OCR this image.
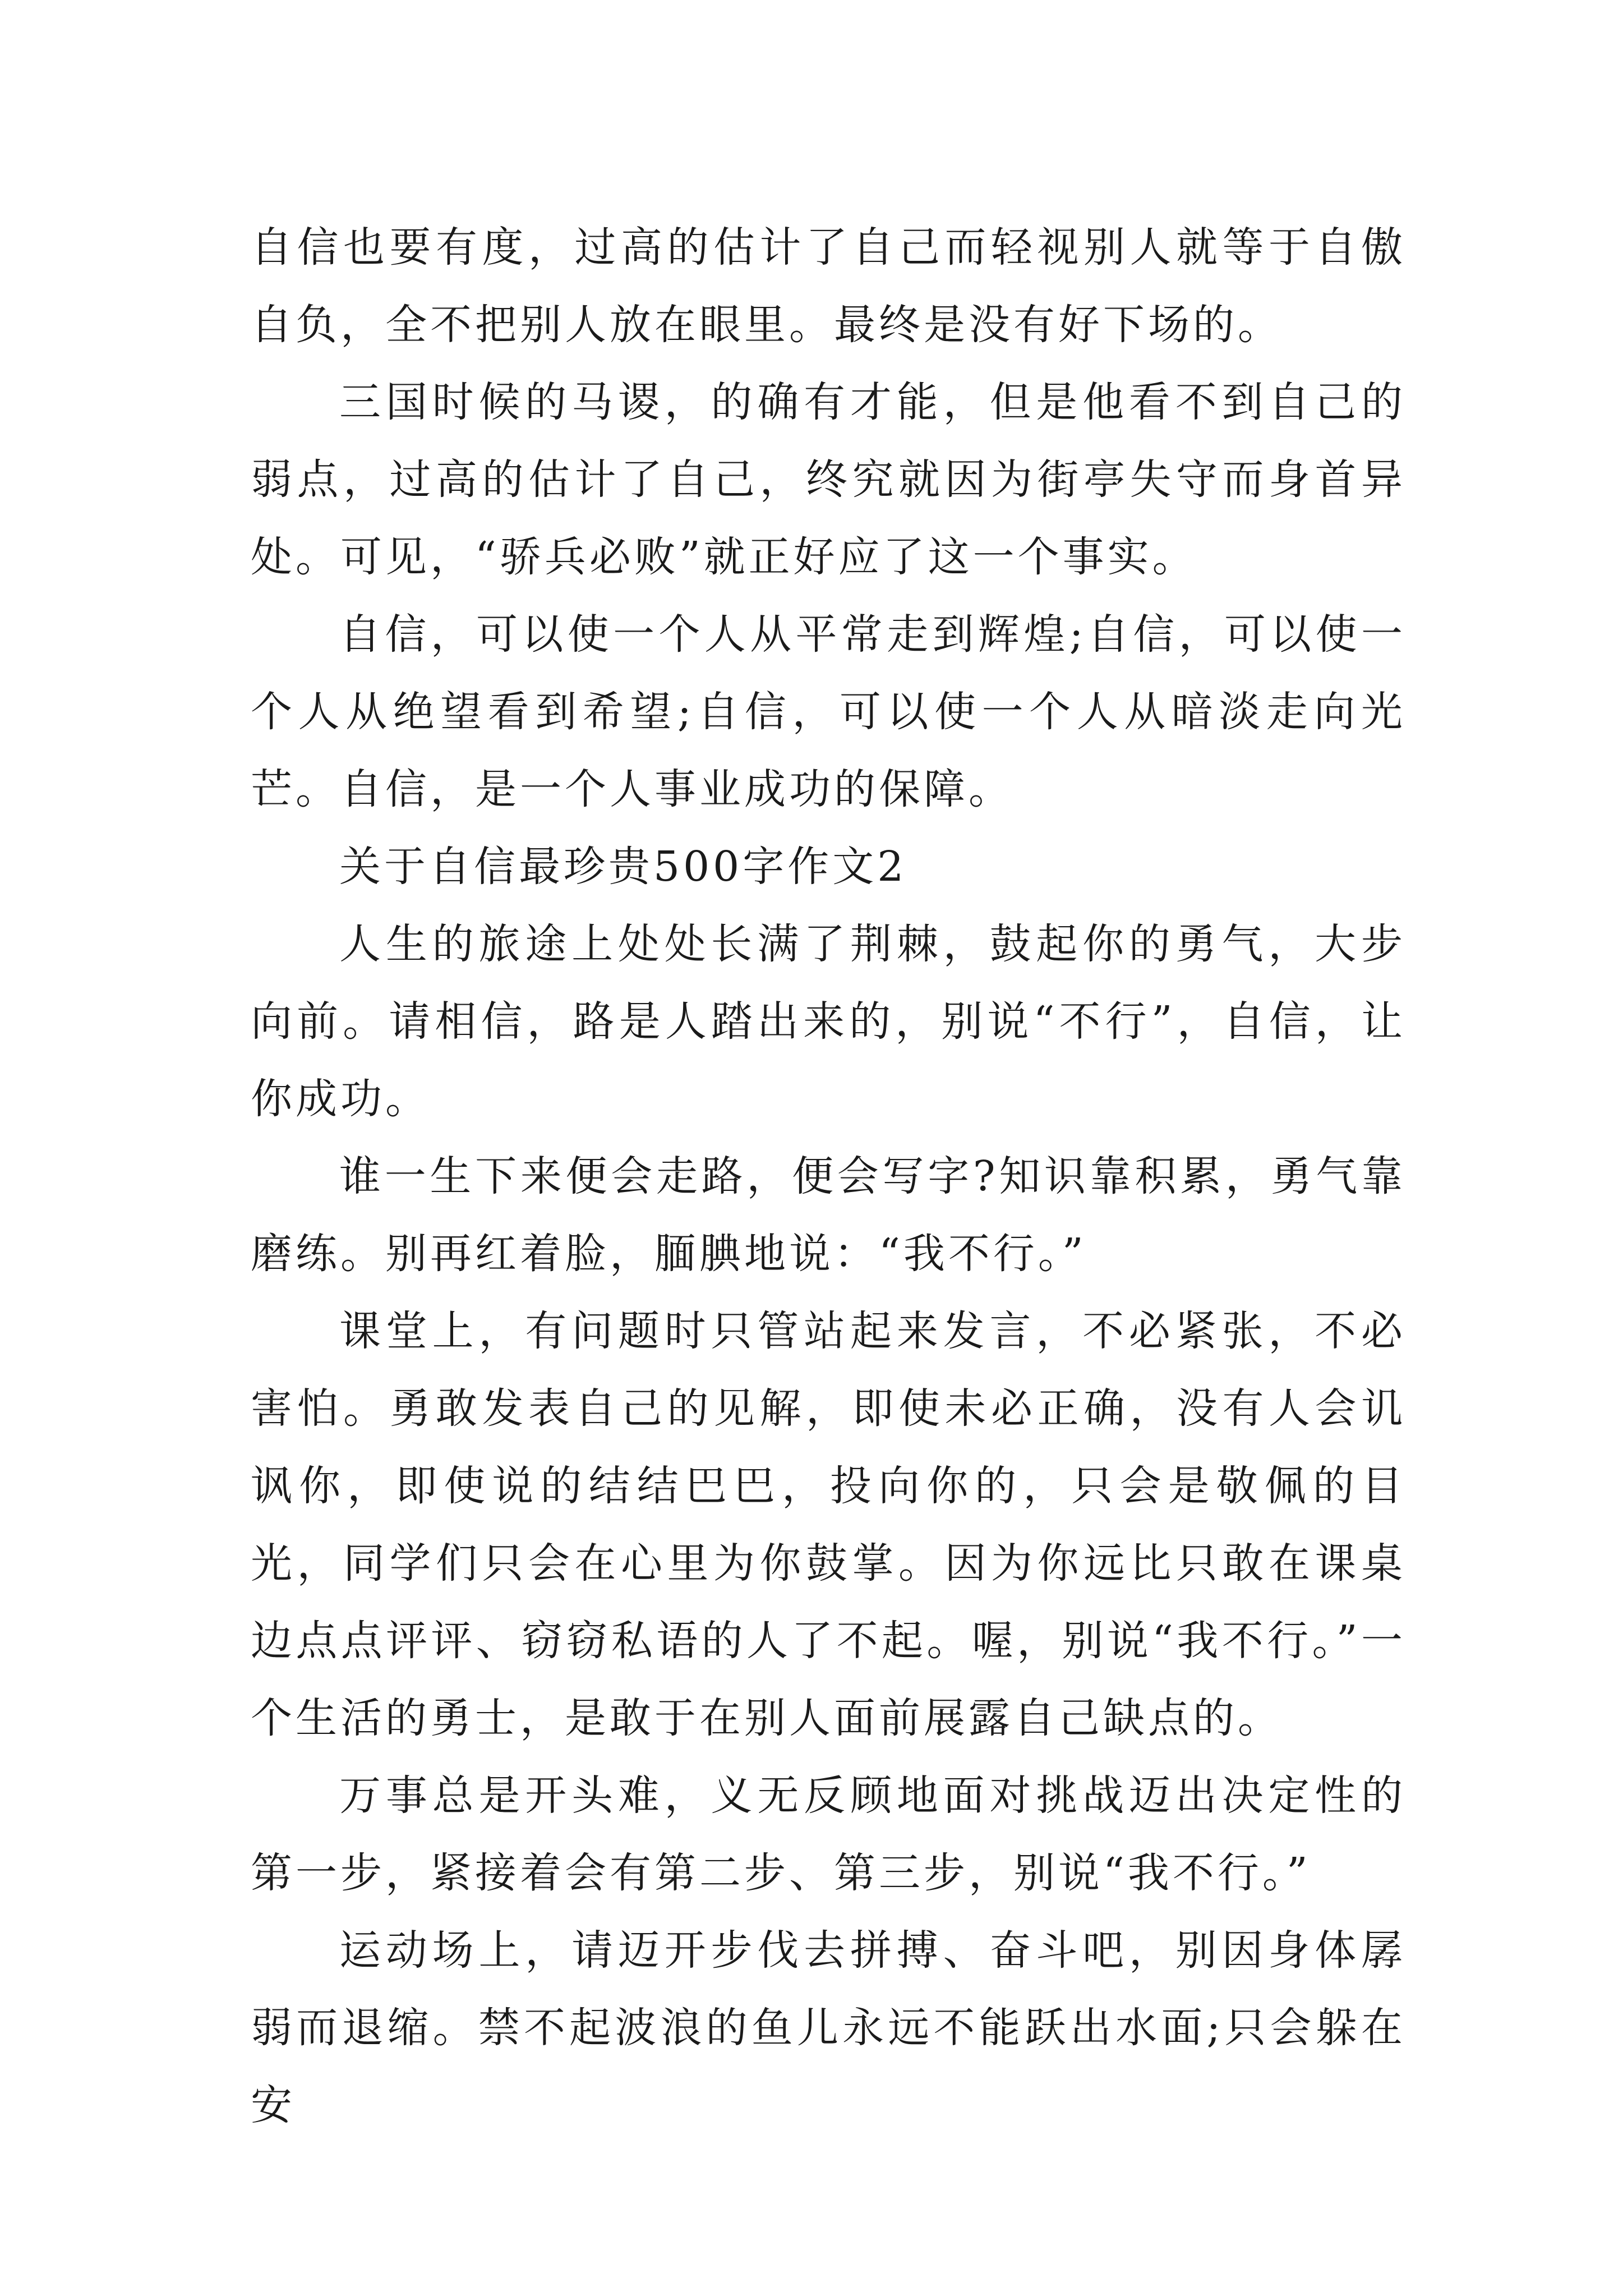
自信也要有度，过高的估计了自己而轻视别人就等于自傲自负，全不把别人放在眼里。最终是没有好下场的。

三国时候的马谡，的确有才能，但是他看不到自己的弱点，过高的估计了自己，终究就因为街亭失守而身首异处。可见，“骄兵必败”就正好应了这一个事实。

自信，可以使一个人从平常走到辉煌;自信，可以使一个人从绝望看到希望;自信，可以使一个人从暗淡走向光芒。自信，是一个人事业成功的保障。

关于自信最珍贵500字作文2

人生的旅途上处处长满了荆棘，鼓起你的勇气，大步向前。请相信，路是人踏出来的，别说“不行”，自信，让你成功。

谁一生下来便会走路，便会写字?知识靠积累，勇气靠磨练。别再红着脸，腼腆地说：“我不行。”

课堂上，有问题时只管站起来发言，不必紧张，不必害怕。勇敢发表自己的见解，即使未必正确，没有人会讥讽你，即使说的结结巴巴，投向你的，只会是敬佩的目光，同学们只会在心里为你鼓掌。因为你远比只敢在课桌边点点评评、窃窃私语的人了不起。喔，别说“我不行。”一个生活的勇士，是敢于在别人面前展露自己缺点的。

万事总是开头难，义无反顾地面对挑战迈出决定性的第一步，紧接着会有第二步、第三步，别说“我不行。”

运动场上，请迈开步伐去拼搏、奋斗吧，别因身体孱弱而退缩。禁不起波浪的鱼儿永远不能跃出水面;只会躲在安
